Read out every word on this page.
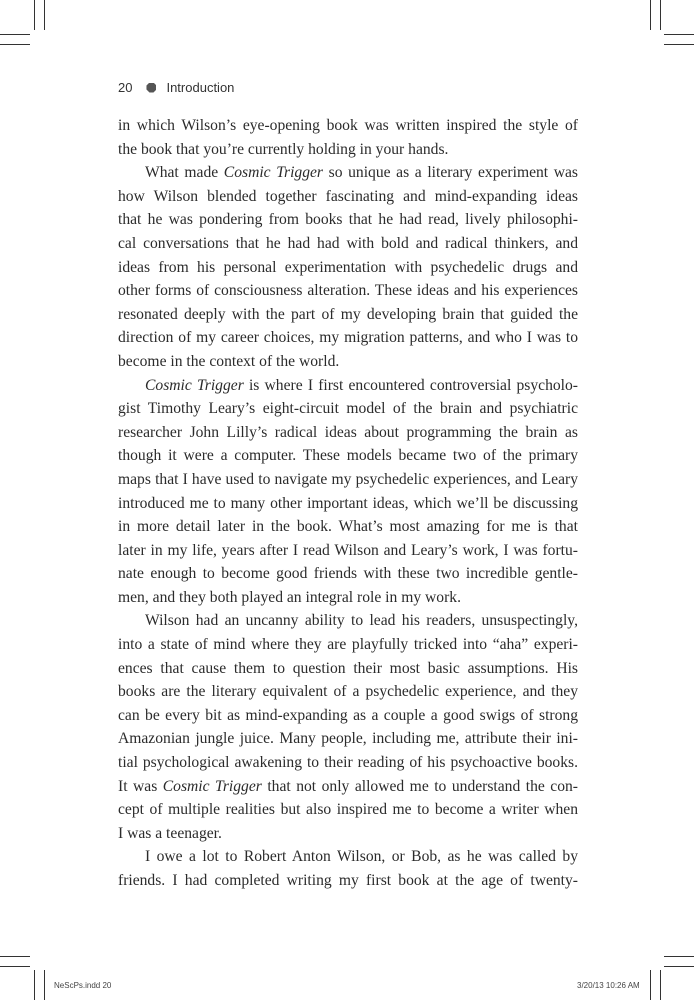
20	Introduction
in which Wilson’s eye-opening book was written inspired the style of
the book that you’re currently holding in your hands.
What made Cosmic Trigger so unique as a literary experiment was
how Wilson blended together fascinating and mind-expanding ideas
that he was pondering from books that he had read, lively philosophi-
cal conversations that he had had with bold and radical thinkers, and
ideas from his personal experimentation with psychedelic drugs and
other forms of consciousness alteration. These ideas and his experiences
resonated deeply with the part of my developing brain that guided the
direction of my career choices, my migration patterns, and who I was to
become in the context of the world.
Cosmic Trigger is where I first encountered controversial psycholo-
gist Timothy Leary’s eight-circuit model of the brain and psychiatric
researcher John Lilly’s radical ideas about programming the brain as
though it were a computer. These models became two of the primary
maps that I have used to navigate my psychedelic experiences, and Leary
introduced me to many other important ideas, which we’ll be discussing
in more detail later in the book. What’s most amazing for me is that
later in my life, years after I read Wilson and Leary’s work, I was fortu-
nate enough to become good friends with these two incredible gentle-
men, and they both played an integral role in my work.
Wilson had an uncanny ability to lead his readers, unsuspectingly,
into a state of mind where they are playfully tricked into “aha” experi-
ences that cause them to question their most basic assumptions. His
books are the literary equivalent of a psychedelic experience, and they
can be every bit as mind-expanding as a couple a good swigs of strong
Amazonian jungle juice. Many people, including me, attribute their ini-
tial psychological awakening to their reading of his psychoactive books.
It was Cosmic Trigger that not only allowed me to understand the con-
cept of multiple realities but also inspired me to become a writer when
I was a teenager.
I owe a lot to Robert Anton Wilson, or Bob, as he was called by
friends. I had completed writing my first book at the age of twenty-
NeScPs.indd 20	3/20/13 10:26 AM
